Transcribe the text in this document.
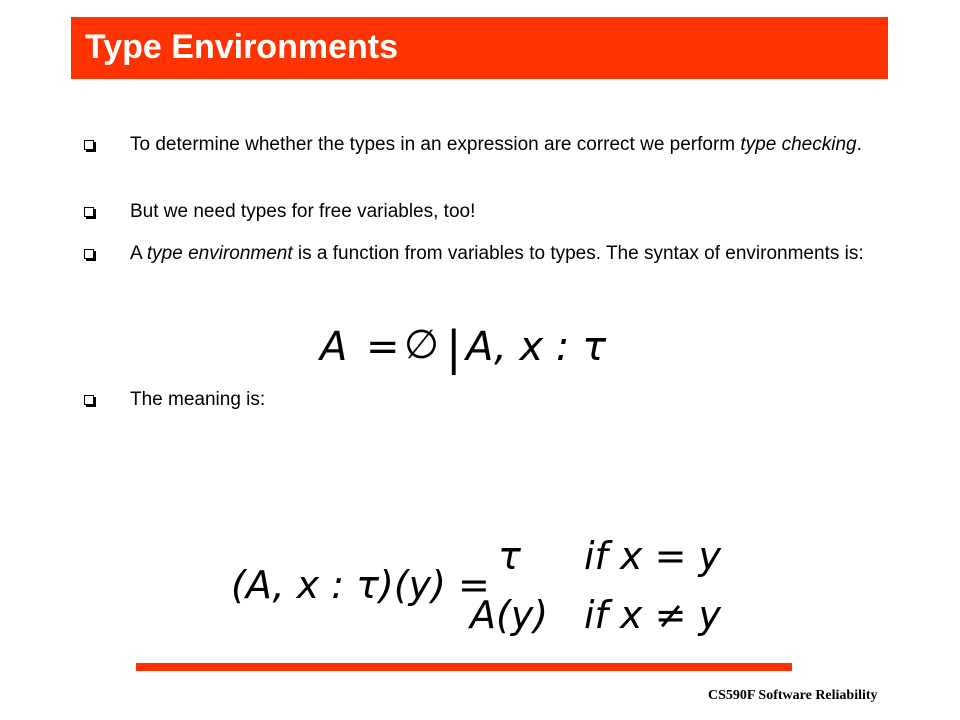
Type Environments
To determine whether the types in an expression are correct we perform type checking.
But we need types for free variables, too!
A type environment is a function from variables to types. The syntax of environments is:
A = ∅ | A, x : τ
The meaning is:
(A, x : τ)(y) =
τ if x = y
A(y) if x ≠ y
CS590F Software Reliability
